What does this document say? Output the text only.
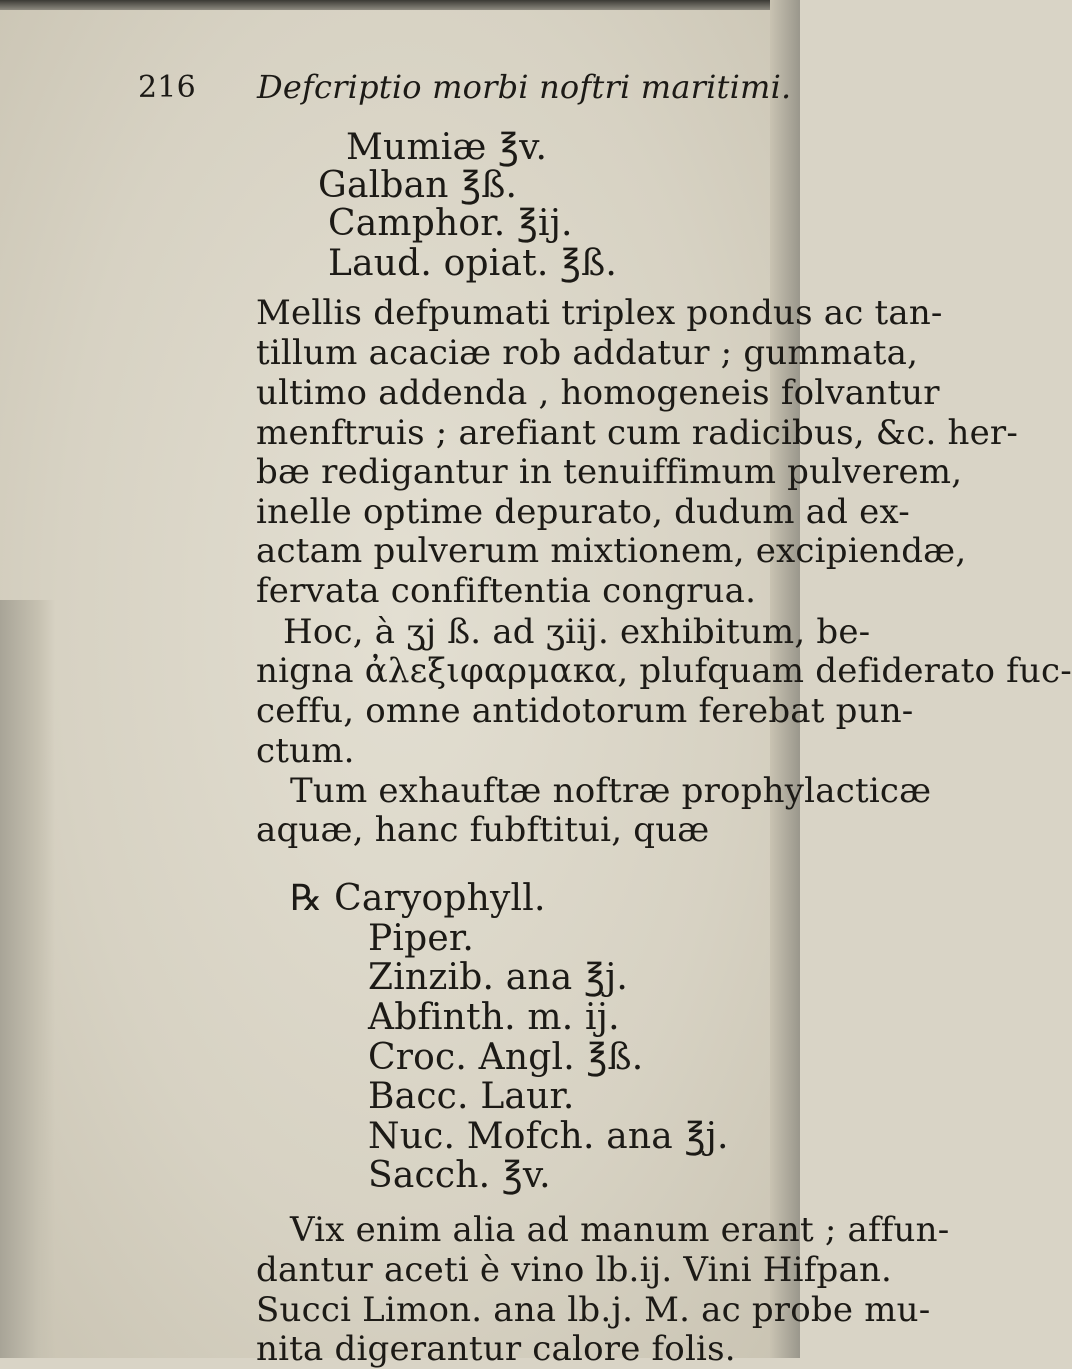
216 Defcriptio morbi noftri maritimi.
Mumiæ ℥v.
Galban ℥ß.
Camphor. ℥ij.
Laud. opiat. ℥ß.
Mellis defpumati triplex pondus ac tan-
tillum acaciæ rob addatur ; gummata,
ultimo addenda , homogeneis folvantur
menftruis ; arefiant cum radicibus, &c. her-
bæ redigantur in tenuiffimum pulverem,
inelle optime depurato, dudum ad ex-
actam pulverum mixtionem, excipiendæ,
fervata confiftentia congrua.
Hoc, à ʒj ß. ad ʒiij. exhibitum, be-
nigna ἀλεξιφαρμακα, plufquam defiderato fuc-
ceffu, omne antidotorum ferebat pun-
ctum.
Tum exhauftæ noftræ prophylacticæ
aquæ, hanc fubftitui, quæ
℞ Caryophyll.
Piper.
Zinzib. ana ℥j.
Abfinth. m. ij.
Croc. Angl. ℥ß.
Bacc. Laur.
Nuc. Mofch. ana ℥j.
Sacch. ℥v.
Vix enim alia ad manum erant ; affun-
dantur aceti è vino lb.ij. Vini Hifpan.
Succi Limon. ana lb.j. M. ac probe mu-
nita digerantur calore folis.
